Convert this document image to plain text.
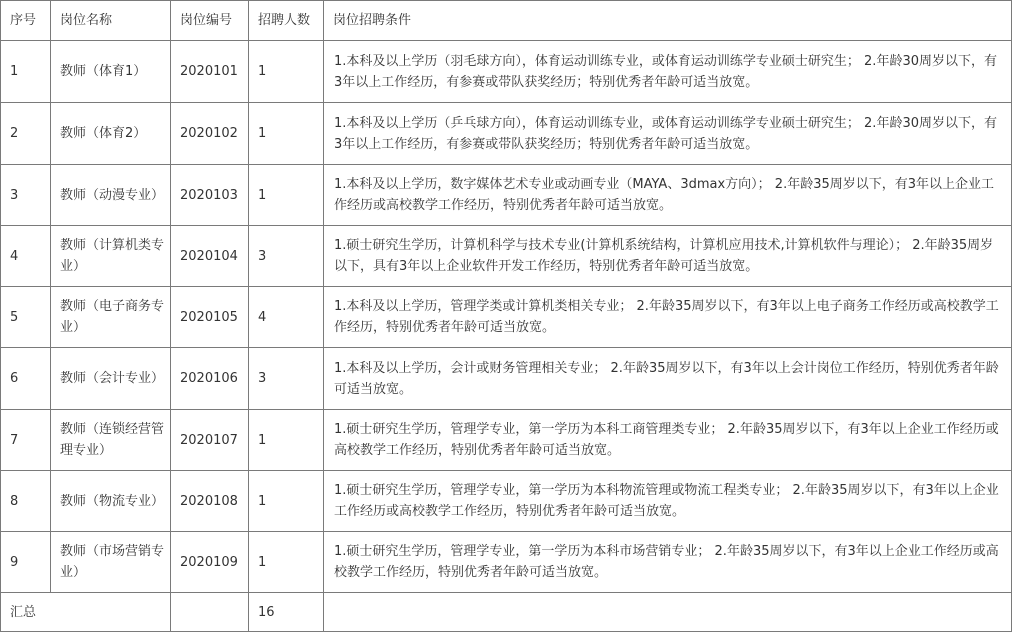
序号	岗位名称	岗位编号	招聘人数	岗位招聘条件
1	教师（体育1）	2020101	1	1.本科及以上学历（羽毛球方向），体育运动训练专业，或体育运动训练学专业硕士研究生； 2.年龄30周岁以下，有3年以上工作经历，有参赛或带队获奖经历；特别优秀者年龄可适当放宽。
2	教师（体育2）	2020102	1	1.本科及以上学历（乒乓球方向），体育运动训练专业，或体育运动训练学专业硕士研究生； 2.年龄30周岁以下，有3年以上工作经历，有参赛或带队获奖经历；特别优秀者年龄可适当放宽。
3	教师（动漫专业）	2020103	1	1.本科及以上学历，数字媒体艺术专业或动画专业（MAYA、3dmax方向）； 2.年龄35周岁以下，有3年以上企业工作经历或高校教学工作经历，特别优秀者年龄可适当放宽。
4	教师（计算机类专业）	2020104	3	1.硕士研究生学历，计算机科学与技术专业(计算机系统结构，计算机应用技术,计算机软件与理论）； 2.年龄35周岁以下，具有3年以上企业软件开发工作经历，特别优秀者年龄可适当放宽。
5	教师（电子商务专业）	2020105	4	1.本科及以上学历，管理学类或计算机类相关专业； 2.年龄35周岁以下，有3年以上电子商务工作经历或高校教学工作经历，特别优秀者年龄可适当放宽。
6	教师（会计专业）	2020106	3	1.本科及以上学历，会计或财务管理相关专业； 2.年龄35周岁以下，有3年以上会计岗位工作经历，特别优秀者年龄可适当放宽。
7	教师（连锁经营管理专业）	2020107	1	1.硕士研究生学历，管理学专业，第一学历为本科工商管理类专业； 2.年龄35周岁以下，有3年以上企业工作经历或高校教学工作经历，特别优秀者年龄可适当放宽。
8	教师（物流专业）	2020108	1	1.硕士研究生学历，管理学专业，第一学历为本科物流管理或物流工程类专业； 2.年龄35周岁以下，有3年以上企业工作经历或高校教学工作经历，特别优秀者年龄可适当放宽。
9	教师（市场营销专业）	2020109	1	1.硕士研究生学历，管理学专业，第一学历为本科市场营销专业； 2.年龄35周岁以下，有3年以上企业工作经历或高校教学工作经历，特别优秀者年龄可适当放宽。
汇总			16	
